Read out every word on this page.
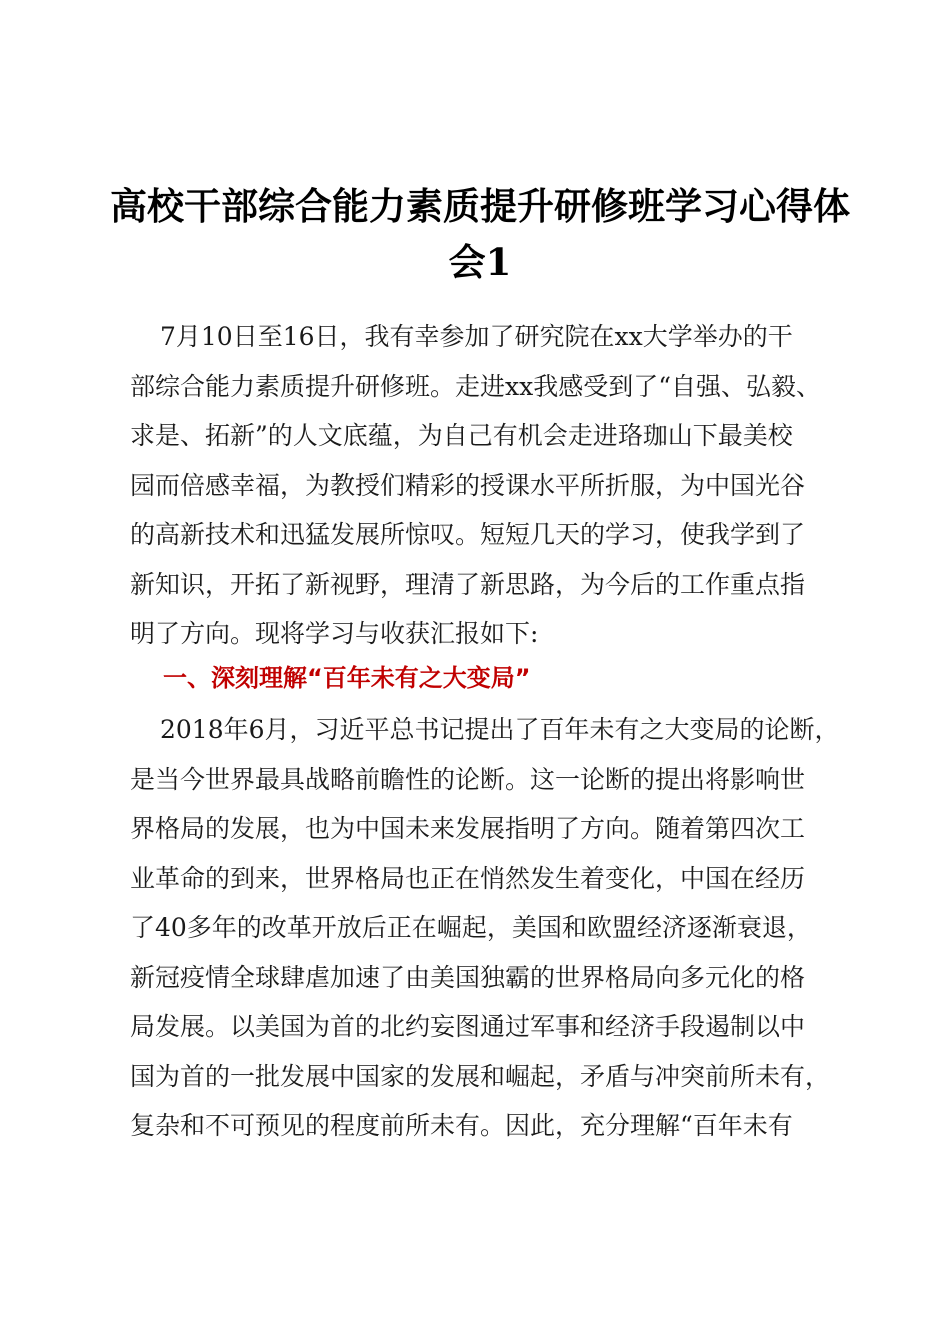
高校干部综合能力素质提升研修班学习心得体
会1
7月10日至16日，我有幸参加了研究院在xx大学举办的干
部综合能力素质提升研修班。走进xx我感受到了“自强、弘毅、
求是、拓新”的人文底蕴，为自己有机会走进珞珈山下最美校
园而倍感幸福，为教授们精彩的授课水平所折服，为中国光谷
的高新技术和迅猛发展所惊叹。短短几天的学习，使我学到了
新知识，开拓了新视野，理清了新思路，为今后的工作重点指
明了方向。现将学习与收获汇报如下:
一、深刻理解“百年未有之大变局”
2018年6月，习近平总书记提出了百年未有之大变局的论断，
是当今世界最具战略前瞻性的论断。这一论断的提出将影响世
界格局的发展，也为中国未来发展指明了方向。随着第四次工
业革命的到来，世界格局也正在悄然发生着变化，中国在经历
了40多年的改革开放后正在崛起，美国和欧盟经济逐渐衰退，
新冠疫情全球肆虐加速了由美国独霸的世界格局向多元化的格
局发展。以美国为首的北约妄图通过军事和经济手段遏制以中
国为首的一批发展中国家的发展和崛起，矛盾与冲突前所未有，
复杂和不可预见的程度前所未有。因此，充分理解“百年未有
